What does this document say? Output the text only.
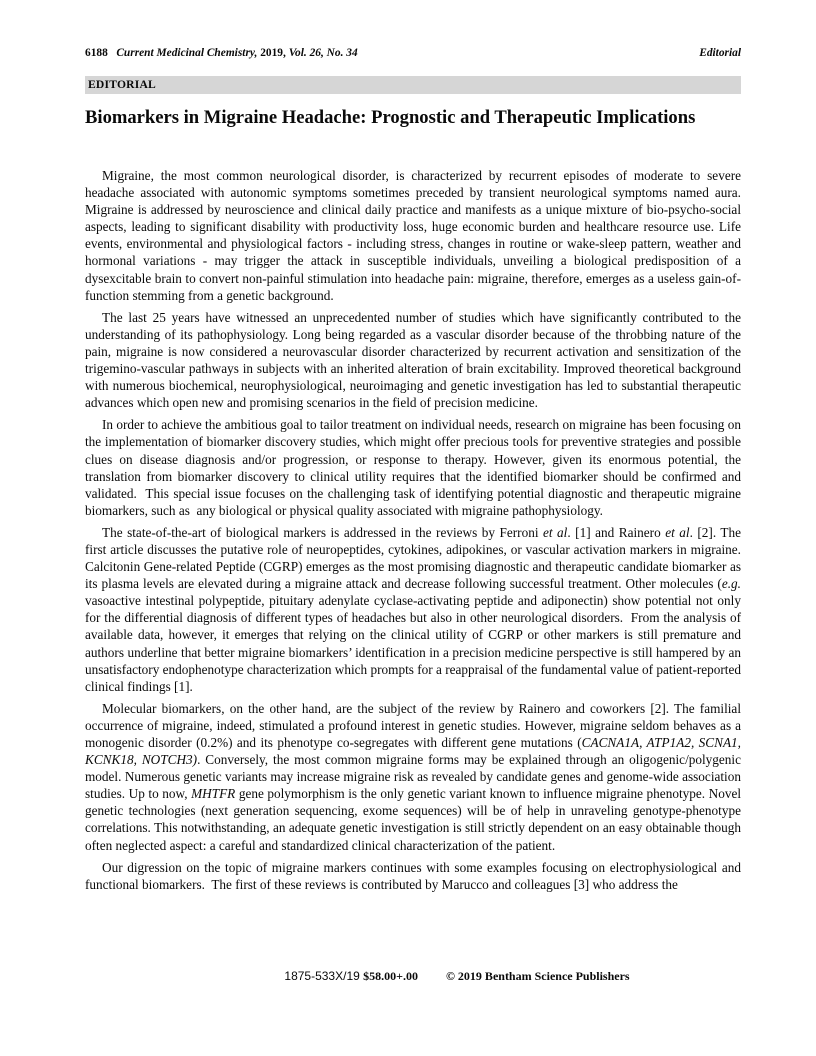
6188 Current Medicinal Chemistry, 2019, Vol. 26, No. 34	Editorial
EDITORIAL
Biomarkers in Migraine Headache: Prognostic and Therapeutic Implications

Migraine, the most common neurological disorder, is characterized by recurrent episodes of moderate to severe headache associated with autonomic symptoms sometimes preceded by transient neurological symptoms named aura. Migraine is addressed by neuroscience and clinical daily practice and manifests as a unique mixture of bio-psycho-social aspects, leading to significant disability with productivity loss, huge economic burden and healthcare resource use. Life events, environmental and physiological factors - including stress, changes in routine or wake-sleep pattern, weather and hormonal variations - may trigger the attack in susceptible individuals, unveiling a biological predisposition of a dysexcitable brain to convert non-painful stimulation into headache pain: migraine, therefore, emerges as a useless gain-of-function stemming from a genetic background.

The last 25 years have witnessed an unprecedented number of studies which have significantly contributed to the understanding of its pathophysiology. Long being regarded as a vascular disorder because of the throbbing nature of the pain, migraine is now considered a neurovascular disorder characterized by recurrent activation and sensitization of the trigemino-vascular pathways in subjects with an inherited alteration of brain excitability. Improved theoretical background with numerous biochemical, neurophysiological, neuroimaging and genetic investigation has led to substantial therapeutic advances which open new and promising scenarios in the field of precision medicine.

In order to achieve the ambitious goal to tailor treatment on individual needs, research on migraine has been focusing on the implementation of biomarker discovery studies, which might offer precious tools for preventive strategies and possible clues on disease diagnosis and/or progression, or response to therapy. However, given its enormous potential, the translation from biomarker discovery to clinical utility requires that the identified biomarker should be confirmed and validated.  This special issue focuses on the challenging task of identifying potential diagnostic and therapeutic migraine biomarkers, such as  any biological or physical quality associated with migraine pathophysiology.

The state-of-the-art of biological markers is addressed in the reviews by Ferroni et al. [1] and Rainero et al. [2]. The first article discusses the putative role of neuropeptides, cytokines, adipokines, or vascular activation markers in migraine.  Calcitonin Gene-related Peptide (CGRP) emerges as the most promising diagnostic and therapeutic candidate biomarker as its plasma levels are elevated during a migraine attack and decrease following successful treatment. Other molecules (e.g. vasoactive intestinal polypeptide, pituitary adenylate cyclase-activating peptide and adiponectin) show potential not only for the differential diagnosis of different types of headaches but also in other neurological disorders.  From the analysis of available data, however, it emerges that relying on the clinical utility of CGRP or other markers is still premature and authors underline that better migraine biomarkers’ identification in a precision medicine perspective is still hampered by an unsatisfactory endophenotype characterization which prompts for a reappraisal of the fundamental value of patient-reported clinical findings [1].

Molecular biomarkers, on the other hand, are the subject of the review by Rainero and coworkers [2]. The familial occurrence of migraine, indeed, stimulated a profound interest in genetic studies. However, migraine seldom behaves as a monogenic disorder (0.2%) and its phenotype co-segregates with different gene mutations (CACNA1A, ATP1A2, SCNA1, KCNK18, NOTCH3). Conversely, the most common migraine forms may be explained through an oligogenic/polygenic model. Numerous genetic variants may increase migraine risk as revealed by candidate genes and genome-wide association studies. Up to now, MHTFR gene polymorphism is the only genetic variant known to influence migraine phenotype. Novel genetic technologies (next generation sequencing, exome sequences) will be of help in unraveling genotype-phenotype correlations. This notwithstanding, an adequate genetic investigation is still strictly dependent on an easy obtainable though often neglected aspect: a careful and standardized clinical characterization of the patient.

Our digression on the topic of migraine markers continues with some examples focusing on electrophysiological and functional biomarkers.  The first of these reviews is contributed by Marucco and colleagues [3] who address the

1875-533X/19 $58.00+.00 © 2019 Bentham Science Publishers
